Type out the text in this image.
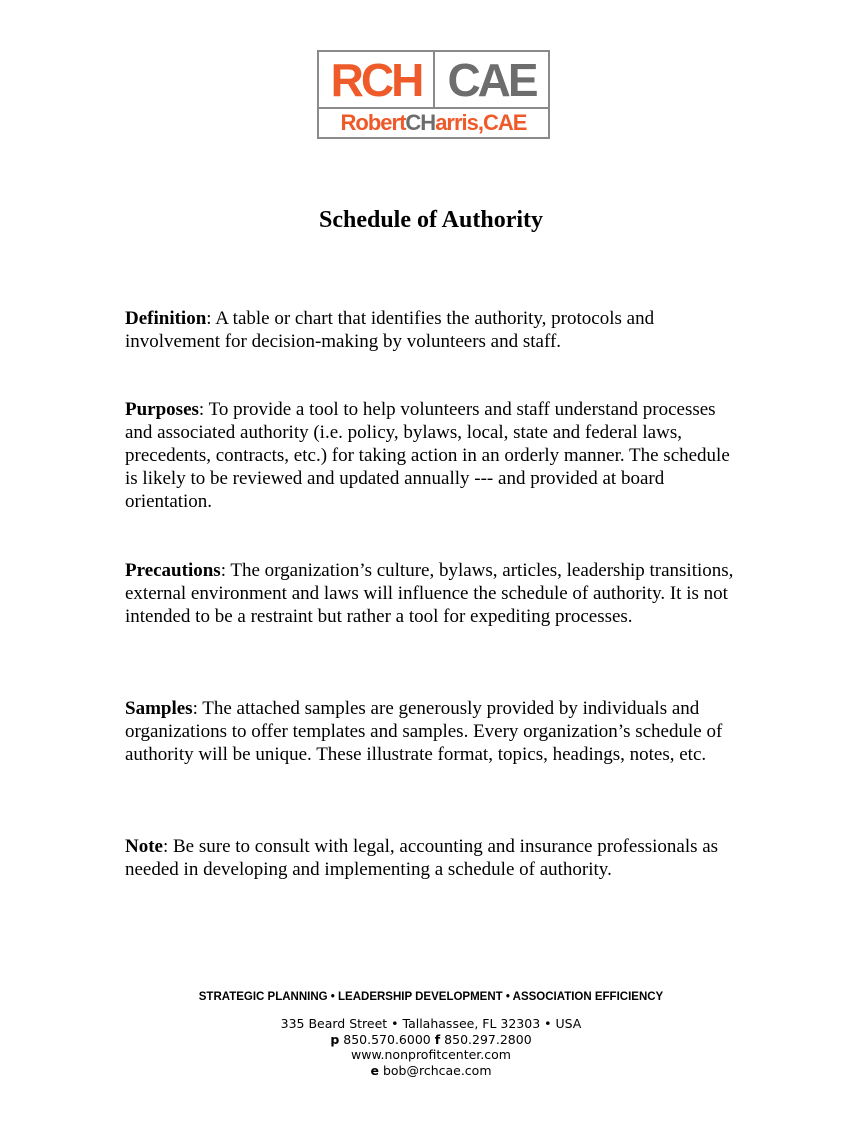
RCH CAE
Robert CH arris,CAE
Schedule of Authority

Definition: A table or chart that identifies the authority, protocols and involvement for decision-making by volunteers and staff.

Purposes: To provide a tool to help volunteers and staff understand processes and associated authority (i.e. policy, bylaws, local, state and federal laws, precedents, contracts, etc.) for taking action in an orderly manner. The schedule is likely to be reviewed and updated annually --- and provided at board orientation.

Precautions: The organization’s culture, bylaws, articles, leadership transitions, external environment and laws will influence the schedule of authority. It is not intended to be a restraint but rather a tool for expediting processes.

Samples: The attached samples are generously provided by individuals and organizations to offer templates and samples. Every organization’s schedule of authority will be unique. These illustrate format, topics, headings, notes, etc.

Note: Be sure to consult with legal, accounting and insurance professionals as needed in developing and implementing a schedule of authority.

STRATEGIC PLANNING • LEADERSHIP DEVELOPMENT • ASSOCIATION EFFICIENCY
335 Beard Street • Tallahassee, FL 32303 • USA
p 850.570.6000 f 850.297.2800
www.nonprofitcenter.com
e bob@rchcae.com
